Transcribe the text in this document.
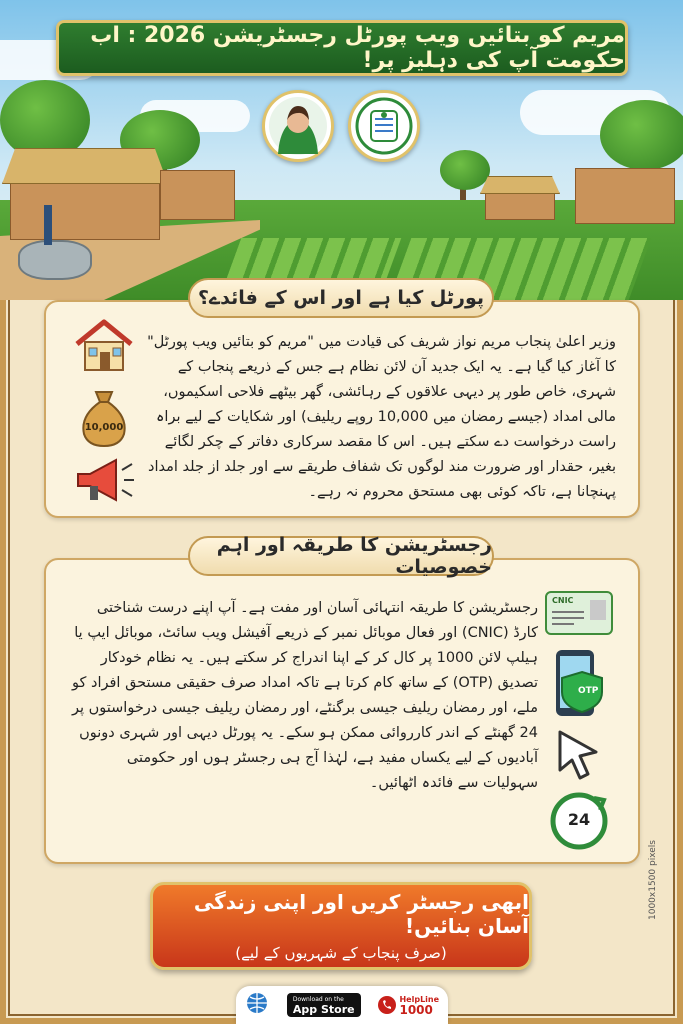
مریم کو بتائیں ویب پورٹل رجسٹریشن 2026 : اب حکومت آپ کی دہلیز پر!
پورٹل کیا ہے اور اس کے فائدے؟

وزیر اعلیٰ پنجاب مریم نواز شریف کی قیادت میں "مریم کو بتائیں ویب پورٹل" کا آغاز کیا گیا ہے۔ یہ ایک جدید آن لائن نظام ہے جس کے ذریعے پنجاب کے شہری، خاص طور پر دیہی علاقوں کے رہائشی، گھر بیٹھے فلاحی اسکیموں، مالی امداد (جیسے رمضان میں 10,000 روپے ریلیف) اور شکایات کے لیے براہ راست درخواست دے سکتے ہیں۔ اس کا مقصد سرکاری دفاتر کے چکر لگائے بغیر، حقدار اور ضرورت مند لوگوں تک شفاف طریقے سے اور جلد از جلد امداد پہنچانا ہے، تاکہ کوئی بھی مستحق محروم نہ رہے۔

10,000
رجسٹریشن کا طریقہ اور اہم خصوصیات

رجسٹریشن کا طریقہ انتہائی آسان اور مفت ہے۔ آپ اپنے درست شناختی کارڈ (CNIC) اور فعال موبائل نمبر کے ذریعے آفیشل ویب سائٹ، موبائل ایپ یا ہیلپ لائن 1000 پر کال کر کے اپنا اندراج کر سکتے ہیں۔ یہ نظام خودکار تصدیق (OTP) کے ساتھ کام کرتا ہے تاکہ امداد صرف حقیقی مستحق افراد کو ملے، اور رمضان ریلیف جیسی برگنٹے، اور رمضان ریلیف جیسی درخواستوں پر 24 گھنٹے کے اندر کارروائی ممکن ہو سکے۔ یہ پورٹل دیہی اور شہری دونوں آبادیوں کے لیے یکساں مفید ہے، لہٰذا آج ہی رجسٹر ہوں اور حکومتی سہولیات سے فائدہ اٹھائیں۔

CNIC
OTP
24
ابھی رجسٹر کریں اور اپنی زندگی آسان بنائیں!
(صرف پنجاب کے شہریوں کے لیے)
1000x1500 pixels
Download on the
App Store
HelpLine
1000
